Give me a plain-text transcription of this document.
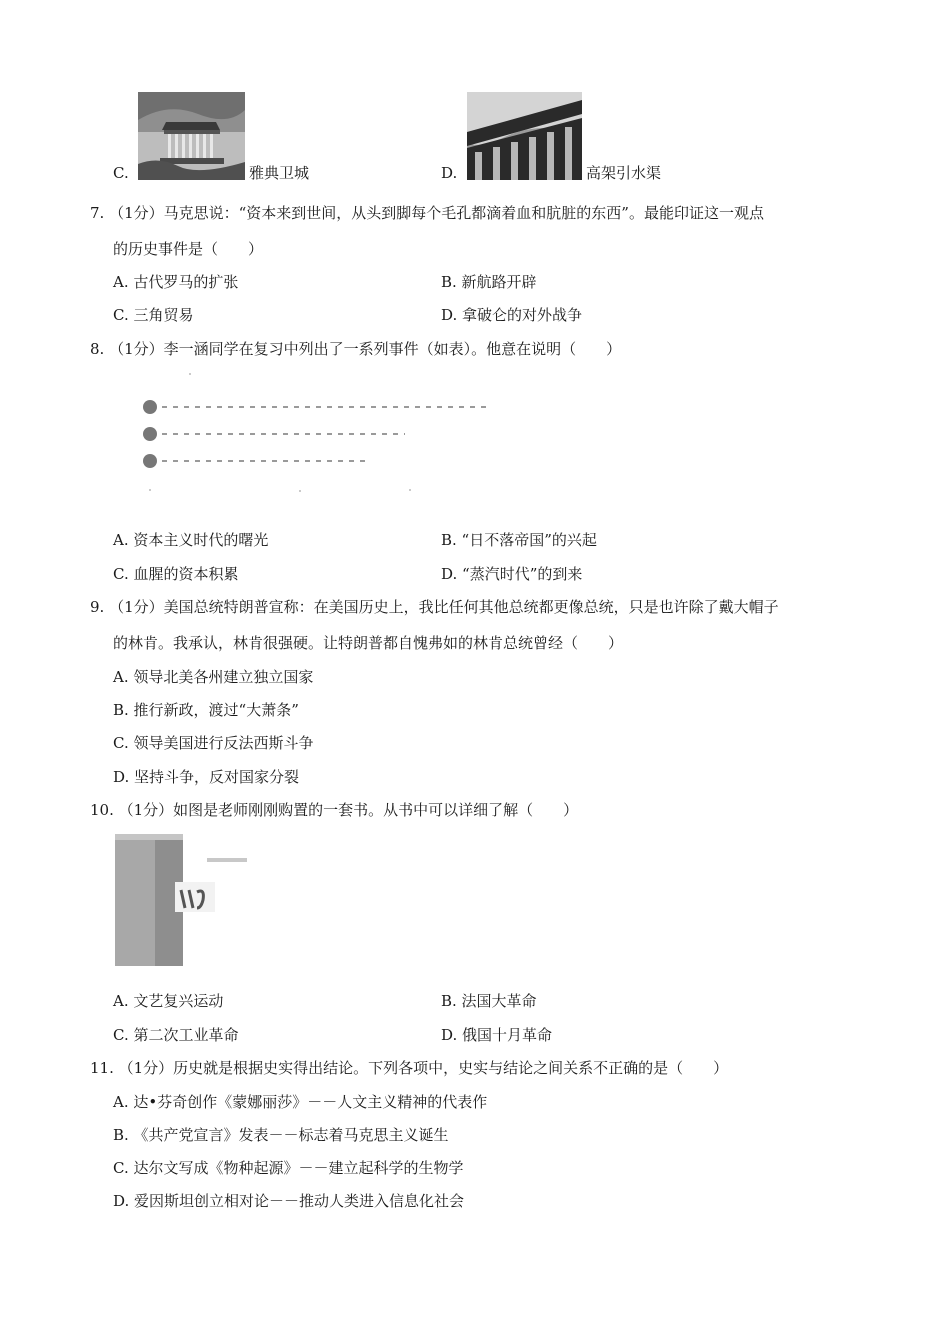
C.	雅典卫城	D.	高架引水渠
7. （1分）马克思说：“资本来到世间，从头到脚每个毛孔都滴着血和肮脏的东西”。最能印证这一观点
的历史事件是（　　）
A. 古代罗马的扩张	B. 新航路开辟
C. 三角贸易	D. 拿破仑的对外战争
8. （1分）李一涵同学在复习中列出了一系列事件（如表）。他意在说明（　　）
A. 资本主义时代的曙光	B. “日不落帝国”的兴起
C. 血腥的资本积累	D. “蒸汽时代”的到来
9. （1分）美国总统特朗普宣称：在美国历史上，我比任何其他总统都更像总统，只是也许除了戴大帽子
的林肯。我承认，林肯很强硬。让特朗普都自愧弗如的林肯总统曾经（　　）
A. 领导北美各州建立独立国家
B. 推行新政，渡过“大萧条”
C. 领导美国进行反法西斯斗争
D. 坚持斗争，反对国家分裂
10. （1分）如图是老师刚刚购置的一套书。从书中可以详细了解（　　）
A. 文艺复兴运动	B. 法国大革命
C. 第二次工业革命	D. 俄国十月革命
11. （1分）历史就是根据史实得出结论。下列各项中，史实与结论之间关系不正确的是（　　）
A. 达•芬奇创作《蒙娜丽莎》－－人文主义精神的代表作
B. 《共产党宣言》发表－－标志着马克思主义诞生
C. 达尔文写成《物种起源》－－建立起科学的生物学
D. 爱因斯坦创立相对论－－推动人类进入信息化社会
